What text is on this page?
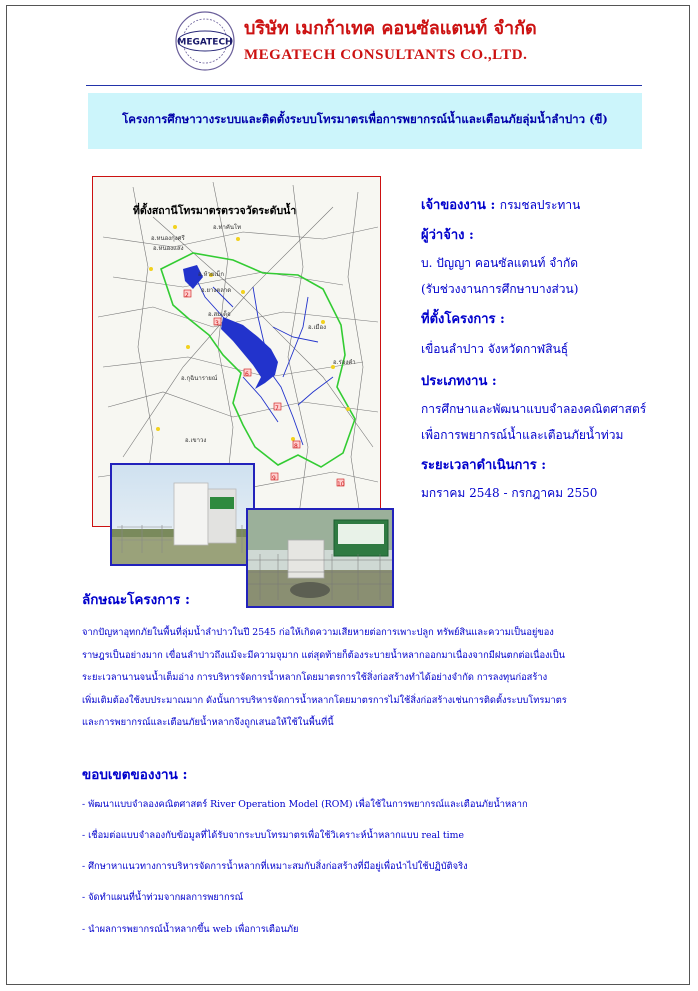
MEGATECH
บริษัท เมกก้าเทค คอนซัลแตนท์ จำกัด
MEGATECH CONSULTANTS CO.,LTD.
โครงการศึกษาวางระบบและติดตั้งระบบโทรมาตรเพื่อการพยากรณ์น้ำและเตือนภัยลุ่มน้ำลำปาว (ขี)
ที่ตั้งสถานีโทรมาตรตรวจวัดระดับน้ำ
อ.ท่าคันโท
อ.หนองกุงศรี
อ.หนองแสง
อ.ห้วยเม็ก
อ.ยางตลาด
อ.สมเด็จ
อ.เมือง
อ.กุฉินารายณ์
อ.เขาวง
อ.ร่องคำ
2
3
6
7
8
9
10
เจ้าของงาน : กรมชลประทาน
ผู้ว่าจ้าง :
บ. ปัญญา คอนซัลแตนท์ จำกัด
(รับช่วงงานการศึกษาบางส่วน)
ที่ตั้งโครงการ :
เขื่อนลำปาว จังหวัดกาฬสินธุ์
ประเภทงาน :
การศึกษาและพัฒนาแบบจำลองคณิตศาสตร์
เพื่อการพยากรณ์น้ำและเตือนภัยน้ำท่วม
ระยะเวลาดำเนินการ :
มกราคม 2548 - กรกฎาคม 2550
ลักษณะโครงการ :
จากปัญหาอุทกภัยในพื้นที่ลุ่มน้ำลำปาวในปี 2545 ก่อให้เกิดความเสียหายต่อการเพาะปลูก ทรัพย์สินและความเป็นอยู่ของ
ราษฎรเป็นอย่างมาก เขื่อนลำปาวถึงแม้จะมีความจุมาก แต่สุดท้ายก็ต้องระบายน้ำหลากออกมาเนื่องจากมีฝนตกต่อเนื่องเป็น
ระยะเวลานานจนน้ำเต็มอ่าง การบริหารจัดการน้ำหลากโดยมาตรการใช้สิ่งก่อสร้างทำได้อย่างจำกัด การลงทุนก่อสร้าง
เพิ่มเติมต้องใช้งบประมาณมาก ดังนั้นการบริหารจัดการน้ำหลากโดยมาตรการไม่ใช้สิ่งก่อสร้างเช่นการติดตั้งระบบโทรมาตร
และการพยากรณ์และเตือนภัยน้ำหลากจึงถูกเสนอให้ใช้ในพื้นที่นี้
ขอบเขตของงาน :
- พัฒนาแบบจำลองคณิตศาสตร์ River Operation Model (ROM) เพื่อใช้ในการพยากรณ์และเตือนภัยน้ำหลาก
- เชื่อมต่อแบบจำลองกับข้อมูลที่ได้รับจากระบบโทรมาตรเพื่อใช้วิเคราะห์น้ำหลากแบบ real time
- ศึกษาหาแนวทางการบริหารจัดการน้ำหลากที่เหมาะสมกับสิ่งก่อสร้างที่มีอยู่เพื่อนำไปใช้ปฏิบัติจริง
- จัดทำแผนที่น้ำท่วมจากผลการพยากรณ์
- นำผลการพยากรณ์น้ำหลากขึ้น web เพื่อการเตือนภัย
